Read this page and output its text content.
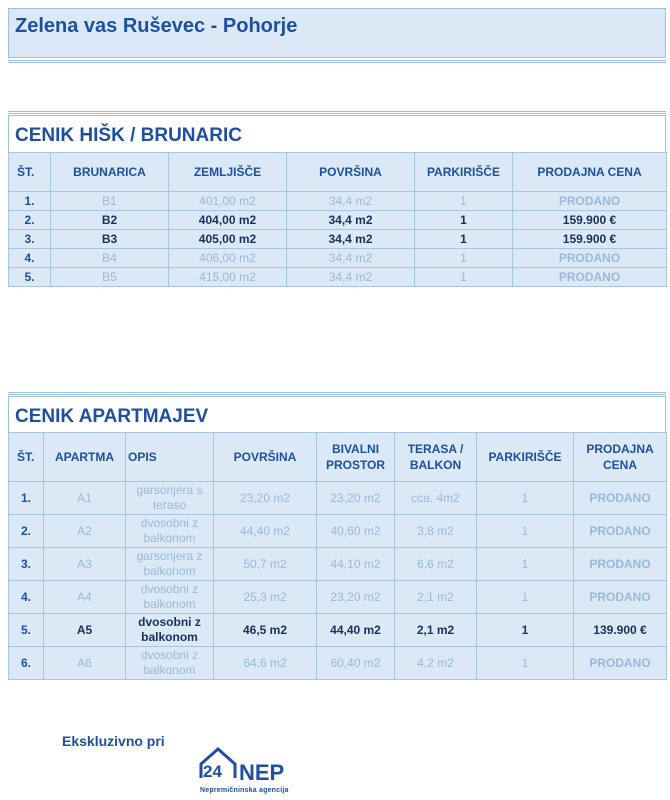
Zelena vas Ruševec - Pohorje
CENIK HIŠK / BRUNARIC
ŠT.	BRUNARICA	ZEMLJIŠČE	POVRŠINA	PARKIRIŠČE	PRODAJNA CENA
1.	B1	401,00 m2	34,4 m2	1	PRODANO
2.	B2	404,00 m2	34,4 m2	1	159.900 €
3.	B3	405,00 m2	34,4 m2	1	159.900 €
4.	B4	406,00 m2	34,4 m2	1	PRODANO
5.	B5	415,00 m2	34,4 m2	1	PRODANO
CENIK APARTMAJEV
ŠT.	APARTMA	OPIS	POVRŠINA	BIVALNI PROSTOR	TERASA / BALKON	PARKIRIŠČE	PRODAJNA CENA
1.	A1	garsonjera s teraso	23,20 m2	23,20 m2	cca. 4m2	1	PRODANO
2.	A2	dvosobni z balkonom	44,40 m2	40,60 m2	3,8 m2	1	PRODANO
3.	A3	garsonjera z balkonom	50,7 m2	44,10 m2	6,6 m2	1	PRODANO
4.	A4	dvosobni z balkonom	25,3 m2	23,20 m2	2,1 m2	1	PRODANO
5.	A5	dvosobni z balkonom	46,5 m2	44,40 m2	2,1 m2	1	139.900 €
6.	A6	dvosobni z balkonom	64,6 m2	60,40 m2	4,2 m2	1	PRODANO
Ekskluzivno pri
24 NEP
Nepremičninska agencija
